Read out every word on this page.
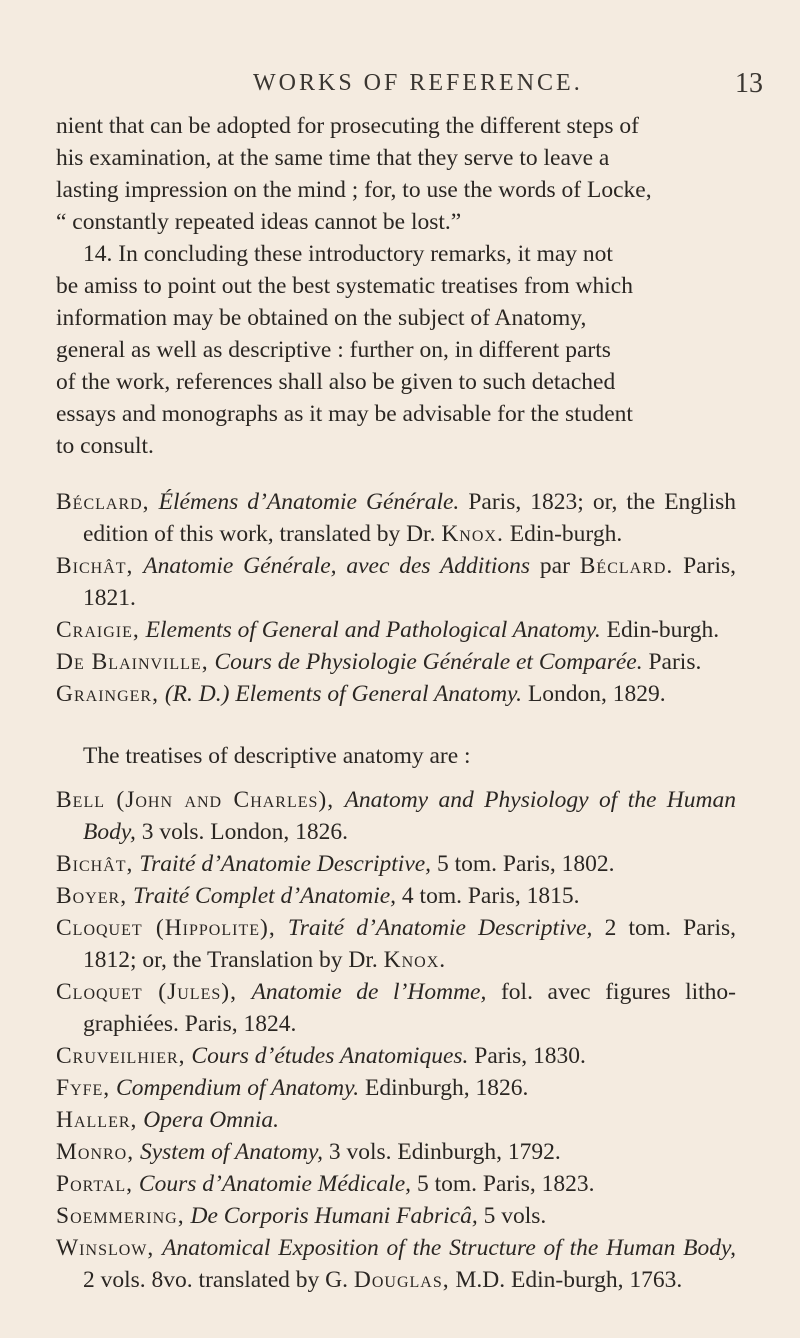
WORKS OF REFERENCE.	13

nient that can be adopted for prosecuting the different steps of
his examination, at the same time that they serve to leave a
lasting impression on the mind ; for, to use the words of Locke,
“ constantly repeated ideas cannot be lost.”

14. In concluding these introductory remarks, it may not
be amiss to point out the best systematic treatises from which
information may be obtained on the subject of Anatomy,
general as well as descriptive : further on, in different parts
of the work, references shall also be given to such detached
essays and monographs as it may be advisable for the student
to consult.

Béclard, Élémens d’Anatomie Générale. Paris, 1823; or, the English edition of this work, translated by Dr. Knox. Edin-burgh.

Bichât, Anatomie Générale, avec des Additions par Béclard. Paris, 1821.

Craigie, Elements of General and Pathological Anatomy. Edin-burgh.

De Blainville, Cours de Physiologie Générale et Comparée. Paris.

Grainger, (R. D.) Elements of General Anatomy. London, 1829.

The treatises of descriptive anatomy are :

Bell (John and Charles), Anatomy and Physiology of the Human Body, 3 vols. London, 1826.

Bichât, Traité d’Anatomie Descriptive, 5 tom. Paris, 1802.

Boyer, Traité Complet d’Anatomie, 4 tom. Paris, 1815.

Cloquet (Hippolite), Traité d’Anatomie Descriptive, 2 tom. Paris, 1812; or, the Translation by Dr. Knox.

Cloquet (Jules), Anatomie de l’Homme, fol. avec figures litho-graphiées. Paris, 1824.

Cruveilhier, Cours d’études Anatomiques. Paris, 1830.

Fyfe, Compendium of Anatomy. Edinburgh, 1826.

Haller, Opera Omnia.

Monro, System of Anatomy, 3 vols. Edinburgh, 1792.

Portal, Cours d’Anatomie Médicale, 5 tom. Paris, 1823.

Soemmering, De Corporis Humani Fabricâ, 5 vols.

Winslow, Anatomical Exposition of the Structure of the Human Body, 2 vols. 8vo. translated by G. Douglas, M.D. Edin-burgh, 1763.
